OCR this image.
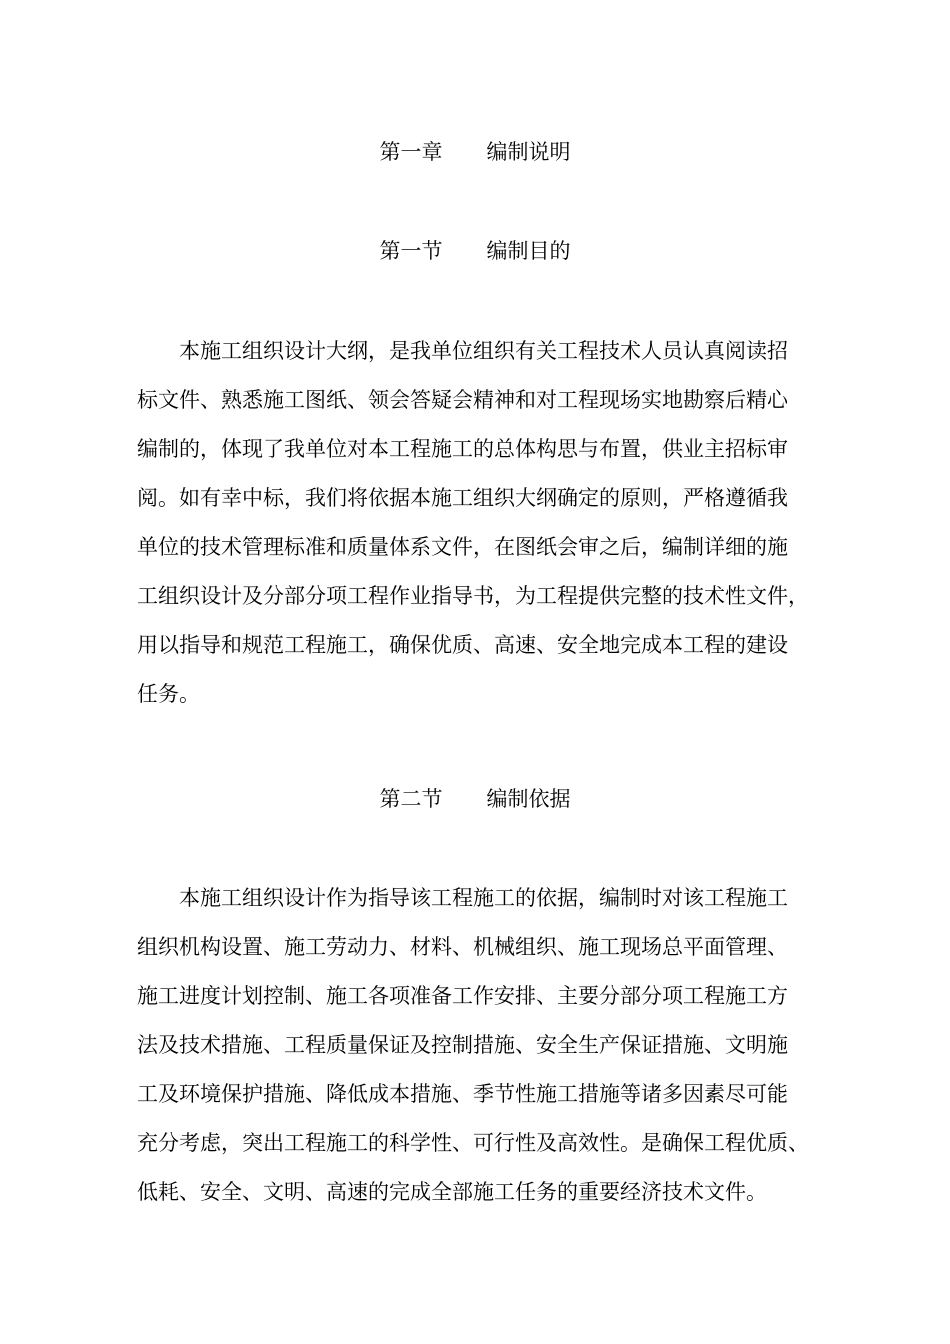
第一章 编制说明
第一节 编制目的
本施工组织设计大纲，是我单位组织有关工程技术人员认真阅读招
标文件、熟悉施工图纸、领会答疑会精神和对工程现场实地勘察后精心
编制的，体现了我单位对本工程施工的总体构思与布置，供业主招标审
阅。如有幸中标，我们将依据本施工组织大纲确定的原则，严格遵循我
单位的技术管理标准和质量体系文件，在图纸会审之后，编制详细的施
工组织设计及分部分项工程作业指导书，为工程提供完整的技术性文件，
用以指导和规范工程施工，确保优质、高速、安全地完成本工程的建设
任务。
第二节 编制依据
本施工组织设计作为指导该工程施工的依据，编制时对该工程施工
组织机构设置、施工劳动力、材料、机械组织、施工现场总平面管理、
施工进度计划控制、施工各项准备工作安排、主要分部分项工程施工方
法及技术措施、工程质量保证及控制措施、安全生产保证措施、文明施
工及环境保护措施、降低成本措施、季节性施工措施等诸多因素尽可能
充分考虑，突出工程施工的科学性、可行性及高效性。是确保工程优质、
低耗、安全、文明、高速的完成全部施工任务的重要经济技术文件。
